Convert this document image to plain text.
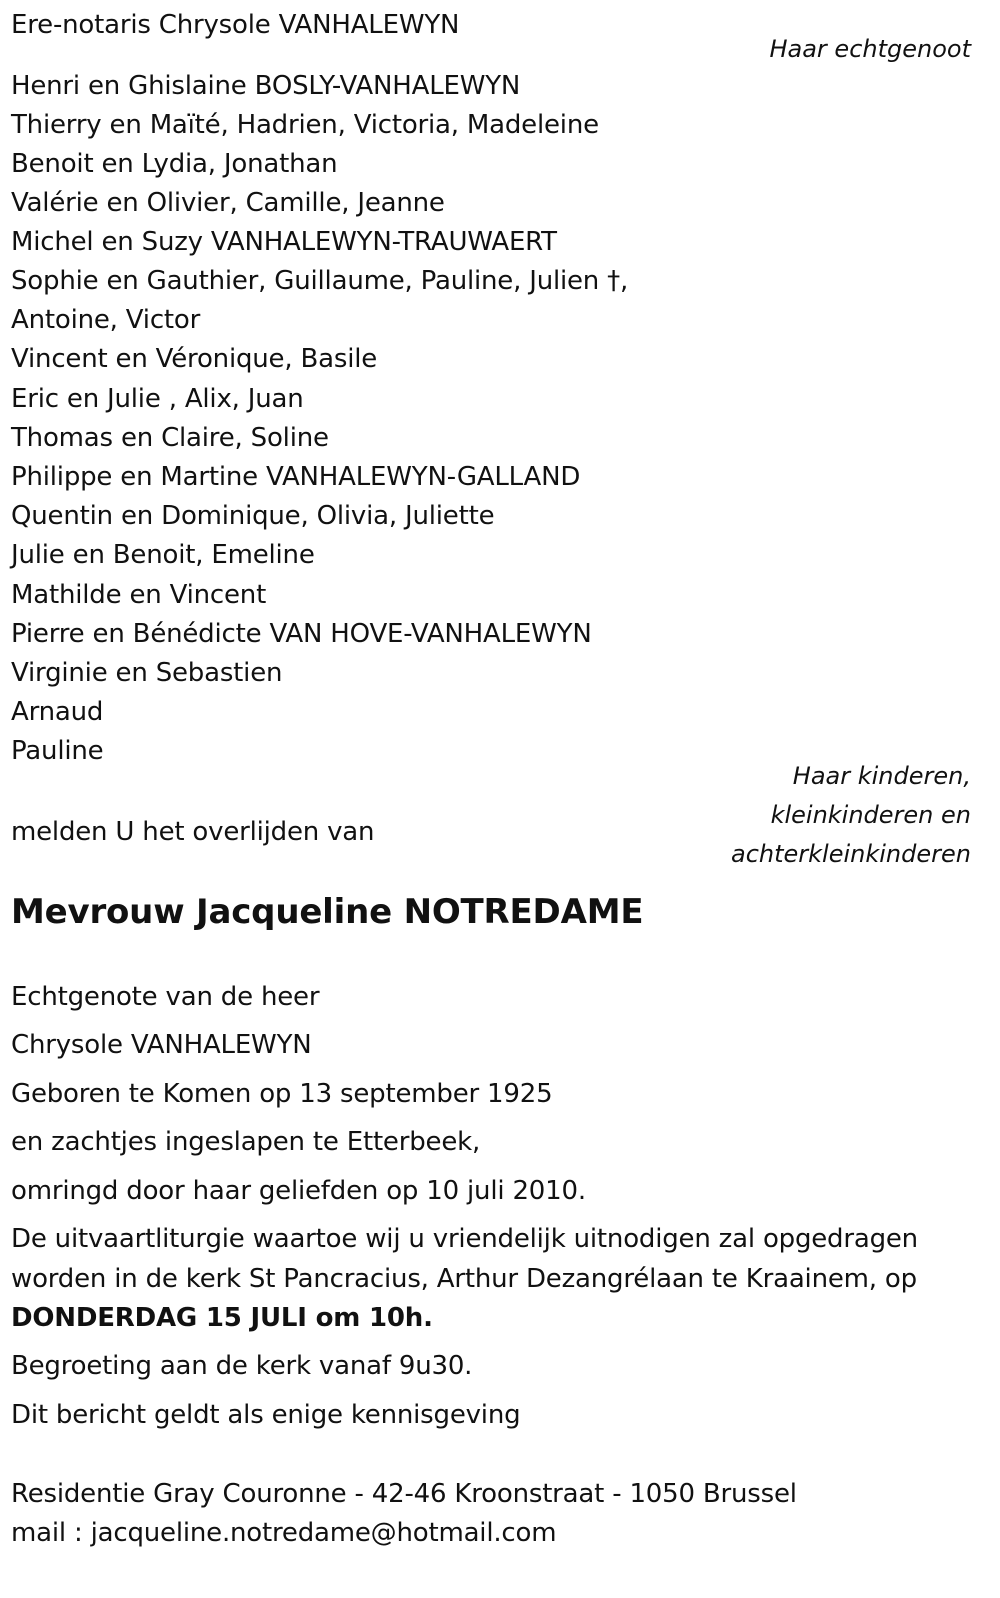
Ere-notaris Chrysole VANHALEWYN
Haar echtgenoot
Henri en Ghislaine BOSLY-VANHALEWYN
Thierry en Maïté, Hadrien, Victoria, Madeleine
Benoit en Lydia, Jonathan
Valérie en Olivier, Camille, Jeanne
Michel en Suzy VANHALEWYN-TRAUWAERT
Sophie en Gauthier, Guillaume, Pauline, Julien †,
Antoine, Victor
Vincent en Véronique, Basile
Eric en Julie , Alix, Juan
Thomas en Claire, Soline
Philippe en Martine VANHALEWYN-GALLAND
Quentin en Dominique, Olivia, Juliette
Julie en Benoit, Emeline
Mathilde en Vincent
Pierre en Bénédicte VAN HOVE-VANHALEWYN
Virginie en Sebastien
Arnaud
Pauline
Haar kinderen,
kleinkinderen en
achterkleinkinderen
melden U het overlijden van
Mevrouw Jacqueline NOTREDAME
Echtgenote van de heer
Chrysole VANHALEWYN
Geboren te Komen op 13 september 1925
en zachtjes ingeslapen te Etterbeek,
omringd door haar geliefden op 10 juli 2010.
De uitvaartliturgie waartoe wij u vriendelijk uitnodigen zal opgedragen
worden in de kerk St Pancracius, Arthur Dezangrélaan te Kraainem, op
DONDERDAG 15 JULI om 10h.
Begroeting aan de kerk vanaf 9u30.
Dit bericht geldt als enige kennisgeving
Residentie Gray Couronne - 42-46 Kroonstraat - 1050 Brussel
mail : jacqueline.notredame@hotmail.com
